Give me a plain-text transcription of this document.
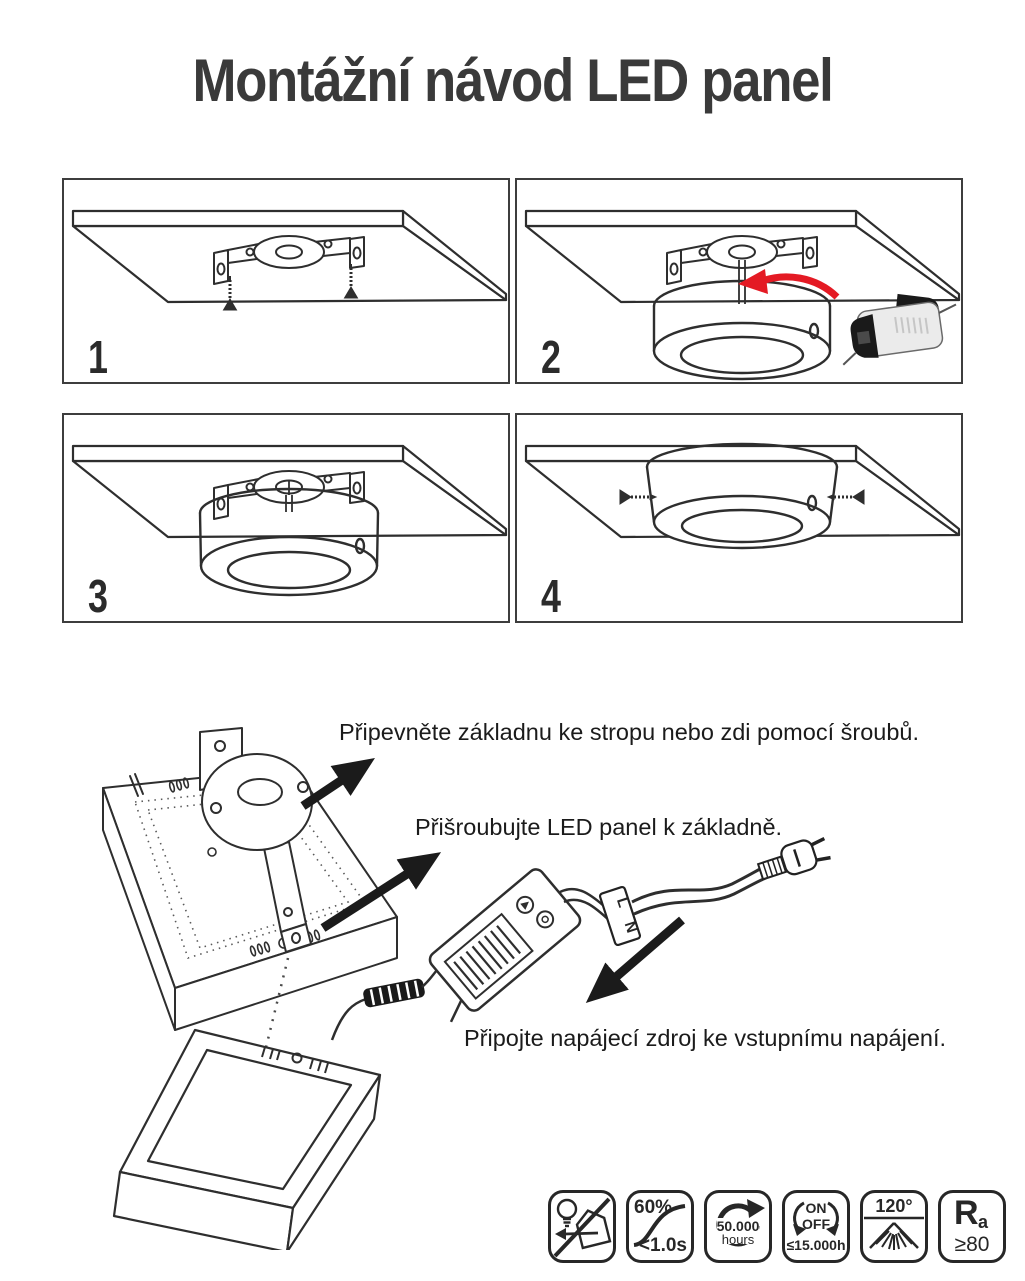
Montážní návod LED panel
1	2
3	4
L
N
Připevněte základnu ke stropu nebo zdi pomocí šroubů.
Přišroubujte LED panel k základně.
Připojte napájecí zdroj ke vstupnímu napájení.
60%
<1.0s
50.000
hours
ON
OFF
≤15.000h
120°	R a
≥80
